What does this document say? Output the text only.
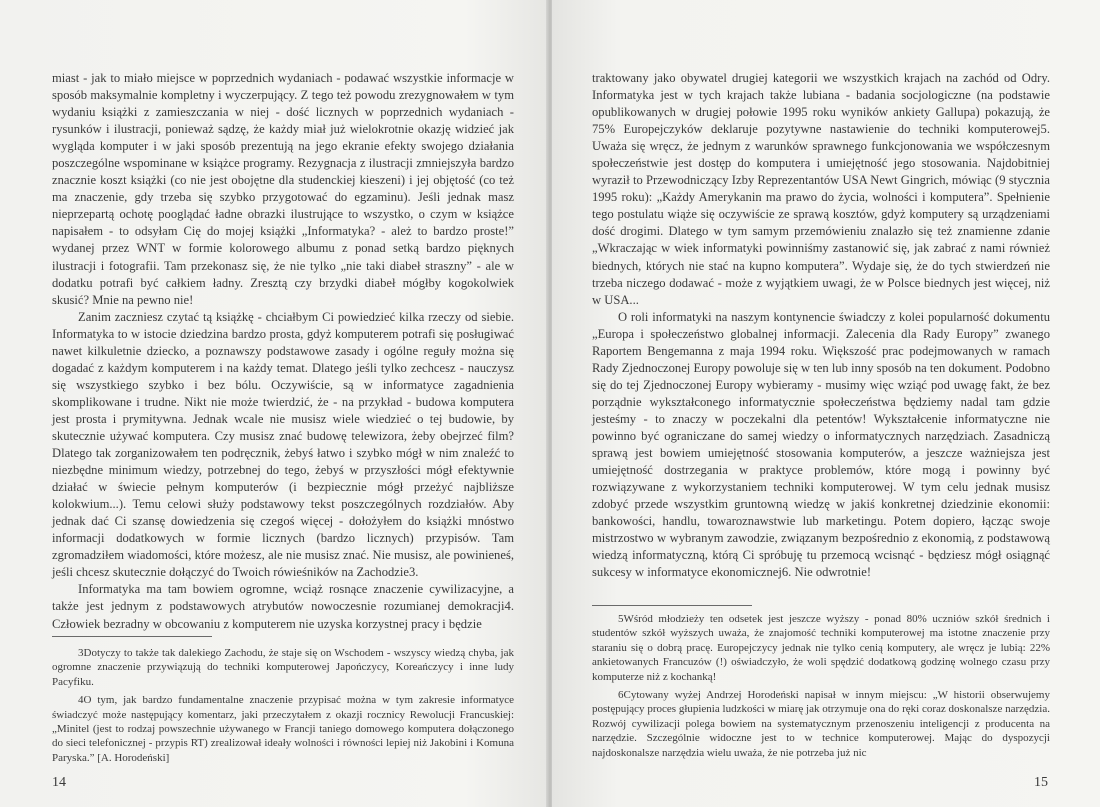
miast - jak to miało miejsce w poprzednich wydaniach - podawać wszystkie informacje w sposób maksymalnie kompletny i wyczerpujący. Z tego też powodu zrezygnowałem w tym wydaniu książki z zamieszczania w niej - dość licznych w poprzednich wydaniach - rysunków i ilustracji, ponieważ sądzę, że każdy miał już wielokrotnie okazję widzieć jak wygląda komputer i w jaki sposób prezentują na jego ekranie efekty swojego działania poszczególne wspominane w książce programy. Rezygnacja z ilustracji zmniejszyła bardzo znacznie koszt książki (co nie jest obojętne dla studenckiej kieszeni) i jej objętość (co też ma znaczenie, gdy trzeba się szybko przygotować do egzaminu). Jeśli jednak masz nieprzepartą ochotę pooglądać ładne obrazki ilustrujące to wszystko, o czym w książce napisałem - to odsyłam Cię do mojej książki „Informatyka? - ależ to bardzo proste!” wydanej przez WNT w formie kolorowego albumu z ponad setką bardzo pięknych ilustracji i fotografii. Tam przekonasz się, że nie tylko „nie taki diabeł straszny” - ale w dodatku potrafi być całkiem ładny. Zresztą czy brzydki diabeł mógłby kogokolwiek skusić? Mnie na pewno nie!

Zanim zaczniesz czytać tą książkę - chciałbym Ci powiedzieć kilka rzeczy od siebie. Informatyka to w istocie dziedzina bardzo prosta, gdyż komputerem potrafi się posługiwać nawet kilkuletnie dziecko, a poznawszy podstawowe zasady i ogólne reguły można się dogadać z każdym komputerem i na każdy temat. Dlatego jeśli tylko zechcesz - nauczysz się wszystkiego szybko i bez bólu. Oczywiście, są w informatyce zagadnienia skomplikowane i trudne. Nikt nie może twierdzić, że - na przykład - budowa komputera jest prosta i prymitywna. Jednak wcale nie musisz wiele wiedzieć o tej budowie, by skutecznie używać komputera. Czy musisz znać budowę telewizora, żeby obejrzeć film? Dlatego tak zorganizowałem ten podręcznik, żebyś łatwo i szybko mógł w nim znaleźć to niezbędne minimum wiedzy, potrzebnej do tego, żebyś w przyszłości mógł efektywnie działać w świecie pełnym komputerów (i bezpiecznie mógł przeżyć najbliższe kolokwium...). Temu celowi służy podstawowy tekst poszczególnych rozdziałów. Aby jednak dać Ci szansę dowiedzenia się czegoś więcej - dołożyłem do książki mnóstwo informacji dodatkowych w formie licznych (bardzo licznych) przypisów. Tam zgromadziłem wiadomości, które możesz, ale nie musisz znać. Nie musisz, ale powinieneś, jeśli chcesz skutecznie dołączyć do Twoich rówieśników na Zachodzie3.

Informatyka ma tam bowiem ogromne, wciąż rosnące znaczenie cywilizacyjne, a także jest jednym z podstawowych atrybutów nowoczesnie rozumianej demokracji4. Człowiek bezradny w obcowaniu z komputerem nie uzyska korzystnej pracy i będzie

3Dotyczy to także tak dalekiego Zachodu, że staje się on Wschodem - wszyscy wiedzą chyba, jak ogromne znaczenie przywiązują do techniki komputerowej Japończycy, Koreańczycy i inne ludy Pacyfiku.

4O tym, jak bardzo fundamentalne znaczenie przypisać można w tym zakresie informatyce świadczyć może następujący komentarz, jaki przeczytałem z okazji rocznicy Rewolucji Francuskiej: „Minitel (jest to rodzaj powszechnie używanego w Francji taniego domowego komputera dołączonego do sieci telefonicznej - przypis RT) zrealizował ideały wolności i równości lepiej niż Jakobini i Komuna Paryska.” [A. Horodeński]

14

traktowany jako obywatel drugiej kategorii we wszystkich krajach na zachód od Odry. Informatyka jest w tych krajach także lubiana - badania socjologiczne (na podstawie opublikowanych w drugiej połowie 1995 roku wyników ankiety Gallupa) pokazują, że 75% Europejczyków deklaruje pozytywne nastawienie do techniki komputerowej5. Uważa się wręcz, że jednym z warunków sprawnego funkcjonowania we współczesnym społeczeństwie jest dostęp do komputera i umiejętność jego stosowania. Najdobitniej wyraził to Przewodniczący Izby Reprezentantów USA Newt Gingrich, mówiąc (9 stycznia 1995 roku): „Każdy Amerykanin ma prawo do życia, wolności i komputera”. Spełnienie tego postulatu wiąże się oczywiście ze sprawą kosztów, gdyż komputery są urządzeniami dość drogimi. Dlatego w tym samym przemówieniu znalazło się też znamienne zdanie „Wkraczając w wiek informatyki powinniśmy zastanowić się, jak zabrać z nami również biednych, których nie stać na kupno komputera”. Wydaje się, że do tych stwierdzeń nie trzeba niczego dodawać - może z wyjątkiem uwagi, że w Polsce biednych jest więcej, niż w USA...

O roli informatyki na naszym kontynencie świadczy z kolei popularność dokumentu „Europa i społeczeństwo globalnej informacji. Zalecenia dla Rady Europy” zwanego Raportem Bengemanna z maja 1994 roku. Większość prac podejmowanych w ramach Rady Zjednoczonej Europy powoluje się w ten lub inny sposób na ten dokument. Podobno się do tej Zjednoczonej Europy wybieramy - musimy więc wziąć pod uwagę fakt, że bez porządnie wykształconego informatycznie społeczeństwa będziemy nadal tam gdzie jesteśmy - to znaczy w poczekalni dla petentów! Wykształcenie informatyczne nie powinno być ograniczane do samej wiedzy o informatycznych narzędziach. Zasadniczą sprawą jest bowiem umiejętność stosowania komputerów, a jeszcze ważniejsza jest umiejętność dostrzegania w praktyce problemów, które mogą i powinny być rozwiązywane z wykorzystaniem techniki komputerowej. W tym celu jednak musisz zdobyć przede wszystkim gruntowną wiedzę w jakiś konkretnej dziedzinie ekonomii: bankowości, handlu, towaroznawstwie lub marketingu. Potem dopiero, łącząc swoje mistrzostwo w wybranym zawodzie, związanym bezpośrednio z ekonomią, z podstawową wiedzą informatyczną, którą Ci spróbuję tu przemocą wcisnąć - będziesz mógł osiągnąć sukcesy w informatyce ekonomicznej6. Nie odwrotnie!

5Wśród młodzieży ten odsetek jest jeszcze wyższy - ponad 80% uczniów szkół średnich i studentów szkół wyższych uważa, że znajomość techniki komputerowej ma istotne znaczenie przy staraniu się o dobrą pracę. Europejczycy jednak nie tylko cenią komputery, ale wręcz je lubią: 22% ankietowanych Francuzów (!) oświadczyło, że woli spędzić dodatkową godzinę wolnego czasu przy komputerze niż z kochanką!

6Cytowany wyżej Andrzej Horodeński napisał w innym miejscu: „W historii obserwujemy postępujący proces głupienia ludzkości w miarę jak otrzymuje ona do ręki coraz doskonalsze narzędzia. Rozwój cywilizacji polega bowiem na systematycznym przenoszeniu inteligencji z producenta na narzędzie. Szczególnie widoczne jest to w technice komputerowej. Mając do dyspozycji najdoskonalsze narzędzia wielu uważa, że nie potrzeba już nic

15
